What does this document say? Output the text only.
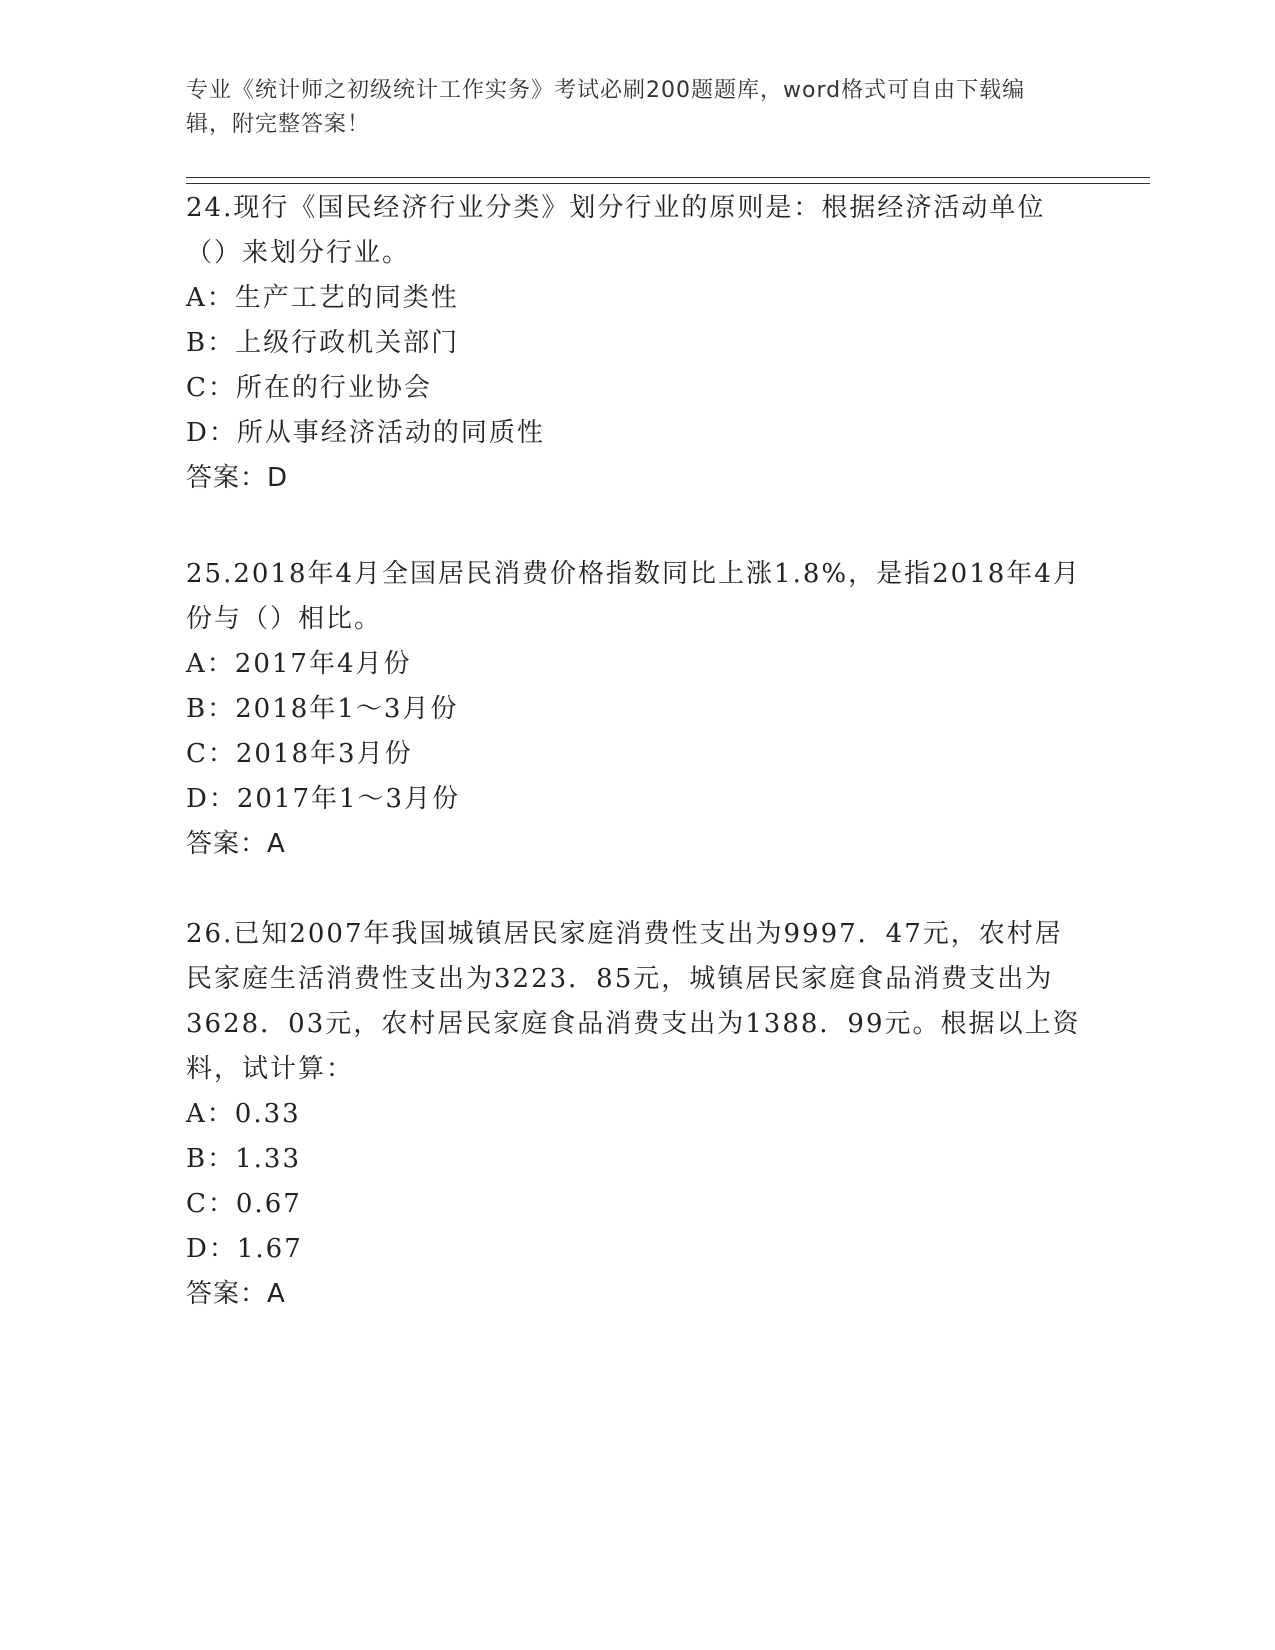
专业《统计师之初级统计工作实务》考试必刷200题题库，word格式可自由下载编辑，附完整答案！

24.现行《国民经济行业分类》划分行业的原则是：根据经济活动单位（）来划分行业。

A：生产工艺的同类性

B：上级行政机关部门

C：所在的行业协会

D：所从事经济活动的同质性

答案：D

25.2018年4月全国居民消费价格指数同比上涨1.8%，是指2018年4月份与（）相比。

A：2017年4月份

B：2018年1～3月份

C：2018年3月份

D：2017年1～3月份

答案：A

26.已知2007年我国城镇居民家庭消费性支出为9997．47元，农村居民家庭生活消费性支出为3223．85元，城镇居民家庭食品消费支出为3628．03元，农村居民家庭食品消费支出为1388．99元。根据以上资料，试计算：

A：0.33

B：1.33

C：0.67

D：1.67

答案：A
